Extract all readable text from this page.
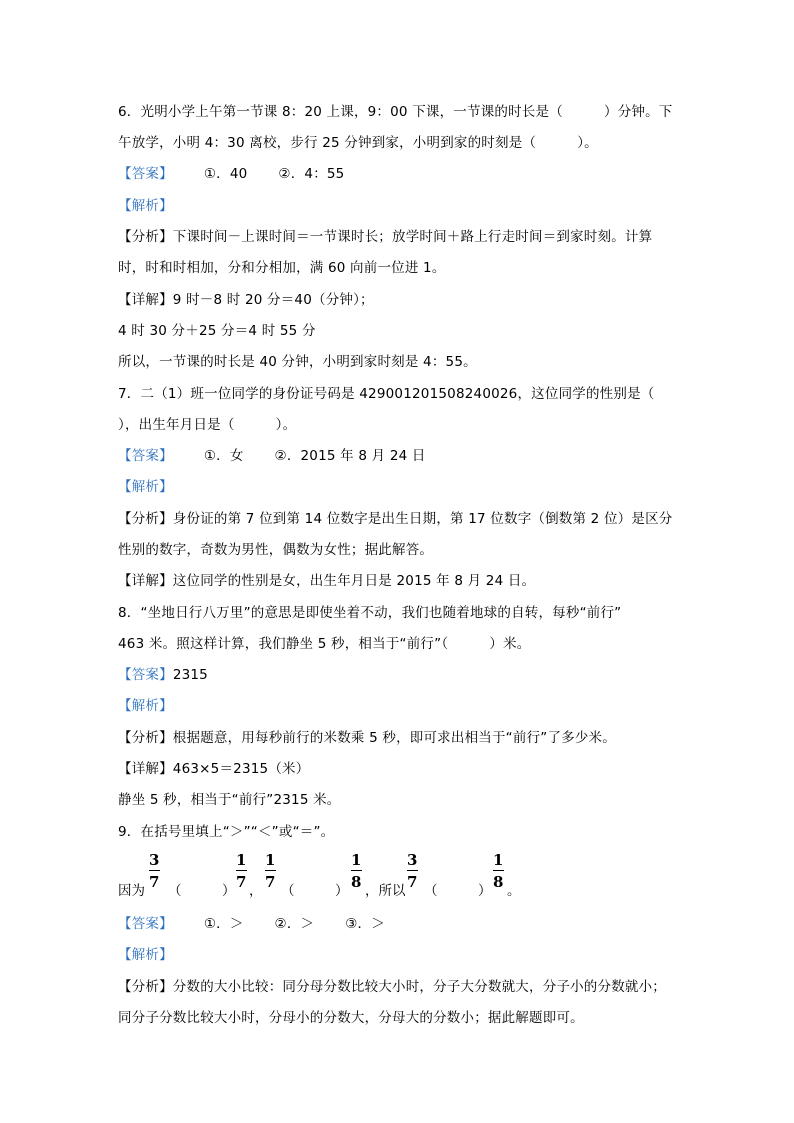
6．光明小学上午第一节课 8：20 上课，9：00 下课，一节课的时长是（　　　）分钟。下
午放学，小明 4：30 离校，步行 25 分钟到家，小明到家的时刻是（　　　）。
【答案】 ①．40 ②．4：55
【解析】
【分析】下课时间－上课时间＝一节课时长；放学时间＋路上行走时间＝到家时刻。计算
时，时和时相加，分和分相加，满 60 向前一位进 1。
【详解】9 时－8 时 20 分＝40（分钟）；
4 时 30 分＋25 分＝4 时 55 分
所以，一节课的时长是 40 分钟，小明到家时刻是 4：55。
7．二（1）班一位同学的身份证号码是 429001201508240026，这位同学的性别是（
），出生年月日是（　　　）。
【答案】 ①．女 ②．2015 年 8 月 24 日
【解析】
【分析】身份证的第 7 位到第 14 位数字是出生日期，第 17 位数字（倒数第 2 位）是区分
性别的数字，奇数为男性，偶数为女性；据此解答。
【详解】这位同学的性别是女，出生年月日是 2015 年 8 月 24 日。
8．“坐地日行八万里”的意思是即使坐着不动，我们也随着地球的自转，每秒“前行”
463 米。照这样计算，我们静坐 5 秒，相当于“前行”（　　　）米。
【答案】2315
【解析】
【分析】根据题意，用每秒前行的米数乘 5 秒，即可求出相当于“前行”了多少米。
【详解】463×5＝2315（米）
静坐 5 秒，相当于“前行”2315 米。
9．在括号里填上“＞”“＜”或“＝”。
因为
3
7 （　　　）
1
7 ，
1
7 （　　　）
1
8 ，所以
3
7 （　　　）
1
8 。
【答案】 ①．＞ ②．＞ ③．＞
【解析】
【分析】分数的大小比较：同分母分数比较大小时，分子大分数就大，分子小的分数就小；
同分子分数比较大小时，分母小的分数大，分母大的分数小；据此解题即可。
